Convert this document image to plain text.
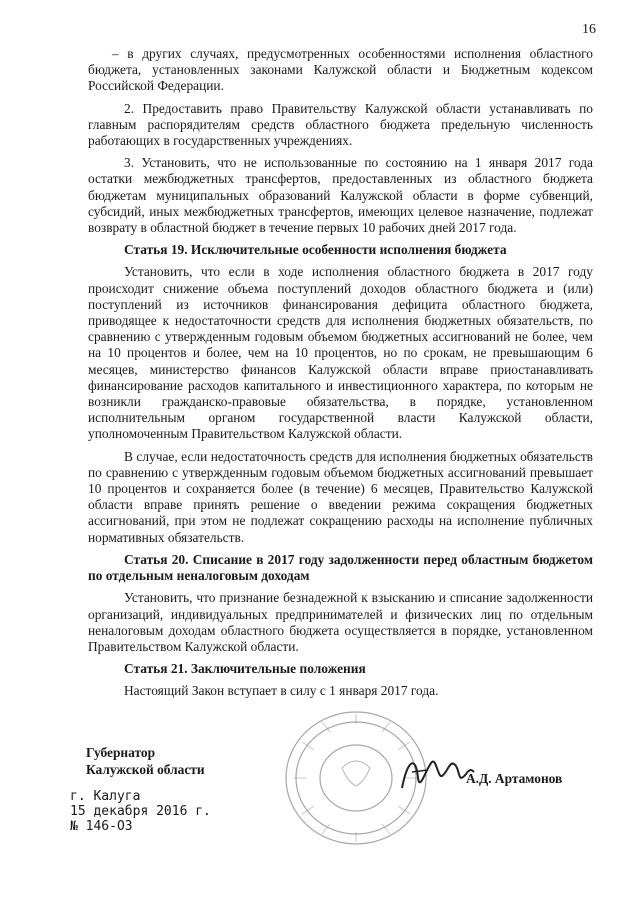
16

– в других случаях, предусмотренных особенностями исполнения областного бюджета, установленных законами Калужской области и Бюджетным кодексом Российской Федерации.

2. Предоставить право Правительству Калужской области устанавливать по главным распорядителям средств областного бюджета предельную численность работающих в государственных учреждениях.

3. Установить, что не использованные по состоянию на 1 января 2017 года остатки межбюджетных трансфертов, предоставленных из областного бюджета бюджетам муниципальных образований Калужской области в форме субвенций, субсидий, иных межбюджетных трансфертов, имеющих целевое назначение, подлежат возврату в областной бюджет в течение первых 10 рабочих дней 2017 года.

Статья 19. Исключительные особенности исполнения бюджета

Установить, что если в ходе исполнения областного бюджета в 2017 году происходит снижение объема поступлений доходов областного бюджета и (или) поступлений из источников финансирования дефицита областного бюджета, приводящее к недостаточности средств для исполнения бюджетных обязательств, по сравнению с утвержденным годовым объемом бюджетных ассигнований не более, чем на 10 процентов и более, чем на 10 процентов, но по срокам, не превышающим 6 месяцев, министерство финансов Калужской области вправе приостанавливать финансирование расходов капитального и инвестиционного характера, по которым не возникли гражданско-правовые обязательства, в порядке, установленном исполнительным органом государственной власти Калужской области, уполномоченным Правительством Калужской области.

В случае, если недостаточность средств для исполнения бюджетных обязательств по сравнению с утвержденным годовым объемом бюджетных ассигнований превышает 10 процентов и сохраняется более (в течение) 6 месяцев, Правительство Калужской области вправе принять решение о введении режима сокращения бюджетных ассигнований, при этом не подлежат сокращению расходы на исполнение публичных нормативных обязательств.

Статья 20. Списание в 2017 году задолженности перед областным бюджетом по отдельным неналоговым доходам

Установить, что признание безнадежной к взысканию и списание задолженности организаций, индивидуальных предпринимателей и физических лиц по отдельным неналоговым доходам областного бюджета осуществляется в порядке, установленном Правительством Калужской области.

Статья 21. Заключительные положения

Настоящий Закон вступает в силу с 1 января 2017 года.

Губернатор
Калужской области
А.Д. Артамонов
г. Калуга
15 декабря 2016 г.
№ 146-ОЗ
